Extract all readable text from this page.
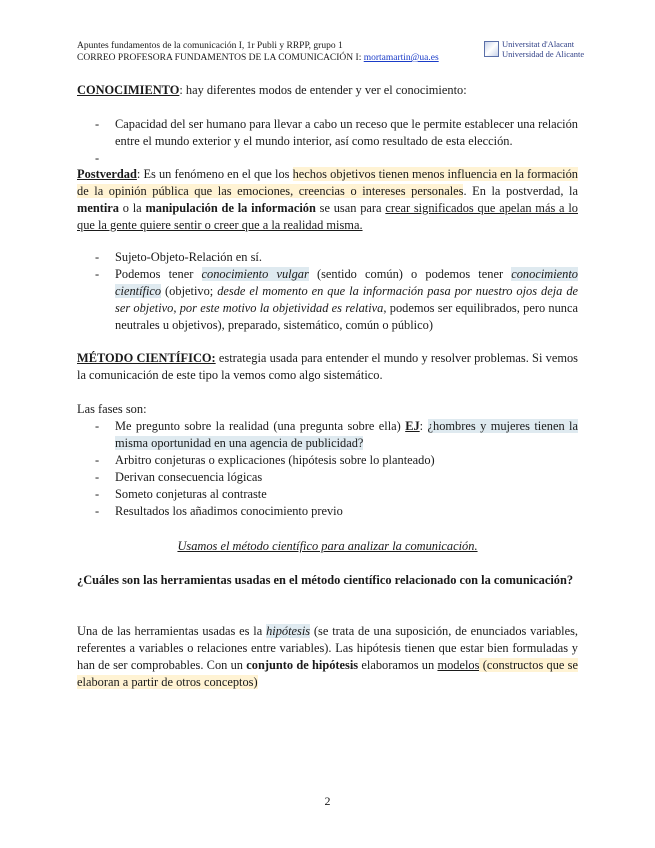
Apuntes fundamentos de la comunicación I, 1r Publi y RRPP, grupo 1
CORREO PROFESORA FUNDAMENTOS DE LA COMUNICACIÓN I: mortamartin@ua.es
Universitat d'Alacant
Universidad de Alicante

CONOCIMIENTO: hay diferentes modos de entender y ver el conocimiento:

- Capacidad del ser humano para llevar a cabo un receso que le permite establecer una relación entre el mundo exterior y el mundo interior, así como resultado de esta elección.
-

Postverdad: Es un fenómeno en el que los hechos objetivos tienen menos influencia en la formación de la opinión pública que las emociones, creencias o intereses personales. En la postverdad, la mentira o la manipulación de la información se usan para crear significados que apelan más a lo que la gente quiere sentir o creer que a la realidad misma.

- Sujeto-Objeto-Relación en sí.
- Podemos tener conocimiento vulgar (sentido común) o podemos tener conocimiento científico (objetivo; desde el momento en que la información pasa por nuestro ojos deja de ser objetivo, por este motivo la objetividad es relativa, podemos ser equilibrados, pero nunca neutrales u objetivos), preparado, sistemático, común o público)

MÉTODO CIENTÍFICO: estrategia usada para entender el mundo y resolver problemas. Si vemos la comunicación de este tipo la vemos como algo sistemático.

Las fases son:

- Me pregunto sobre la realidad (una pregunta sobre ella) EJ: ¿hombres y mujeres tienen la misma oportunidad en una agencia de publicidad?
- Arbitro conjeturas o explicaciones (hipótesis sobre lo planteado)
- Derivan consecuencia lógicas
- Someto conjeturas al contraste
- Resultados los añadimos conocimiento previo
Usamos el método científico para analizar la comunicación.

¿Cuáles son las herramientas usadas en el método científico relacionado con la comunicación?

Una de las herramientas usadas es la hipótesis (se trata de una suposición, de enunciados variables, referentes a variables o relaciones entre variables). Las hipótesis tienen que estar bien formuladas y han de ser comprobables. Con un conjunto de hipótesis elaboramos un modelos (constructos que se elaboran a partir de otros conceptos)

2
